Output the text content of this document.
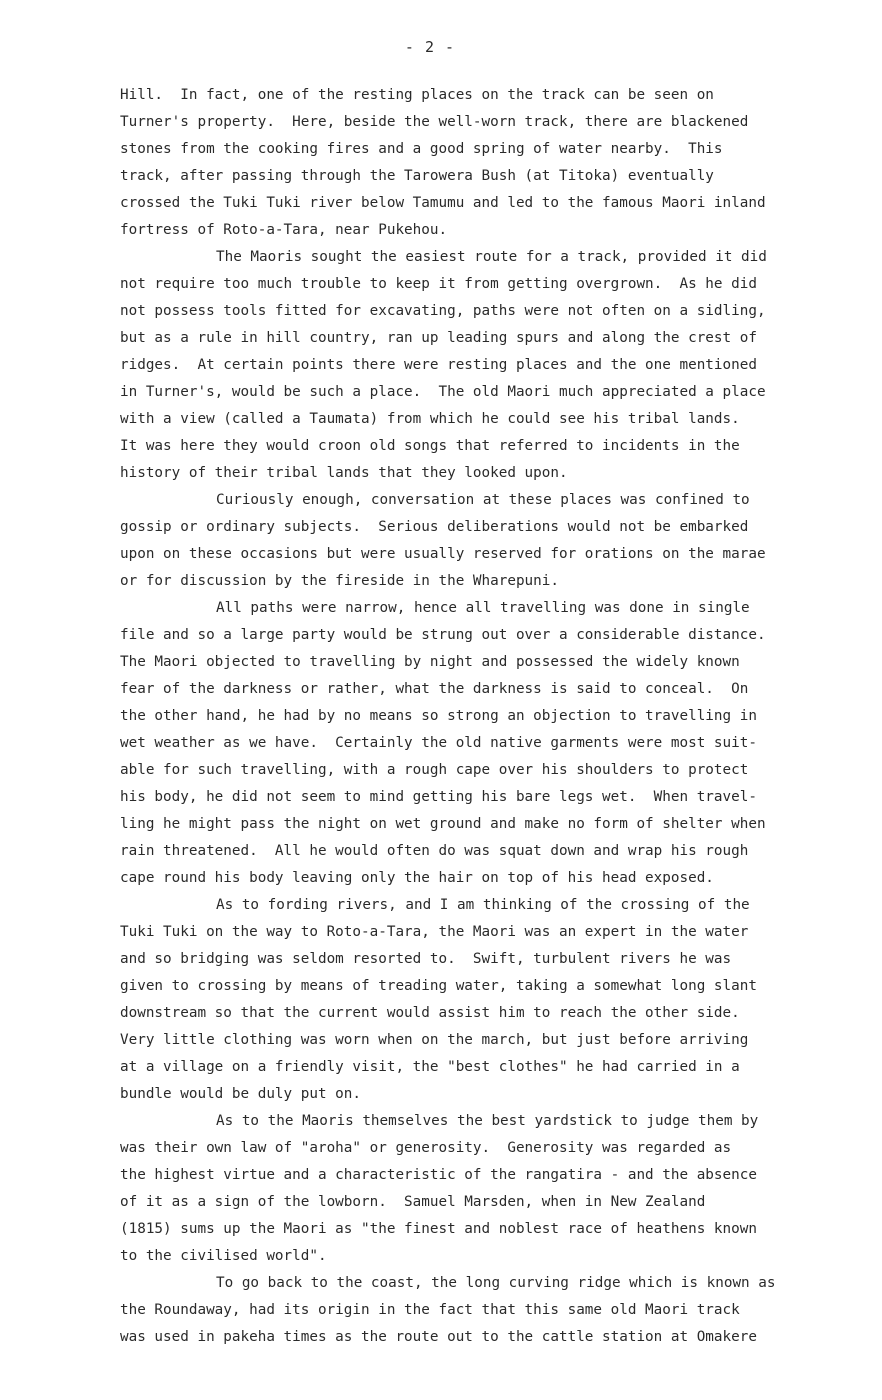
- 2 -
Hill.  In fact, one of the resting places on the track can be seen on
Turner's property.  Here, beside the well-worn track, there are blackened
stones from the cooking fires and a good spring of water nearby.  This
track, after passing through the Tarowera Bush (at Titoka) eventually
crossed the Tuki Tuki river below Tamumu and led to the famous Maori inland
fortress of Roto-a-Tara, near Pukehou.
The Maoris sought the easiest route for a track, provided it did
not require too much trouble to keep it from getting overgrown.  As he did
not possess tools fitted for excavating, paths were not often on a sidling,
but as a rule in hill country, ran up leading spurs and along the crest of
ridges.  At certain points there were resting places and the one mentioned
in Turner's, would be such a place.  The old Maori much appreciated a place
with a view (called a Taumata) from which he could see his tribal lands.
It was here they would croon old songs that referred to incidents in the
history of their tribal lands that they looked upon.
Curiously enough, conversation at these places was confined to
gossip or ordinary subjects.  Serious deliberations would not be embarked
upon on these occasions but were usually reserved for orations on the marae
or for discussion by the fireside in the Wharepuni.
All paths were narrow, hence all travelling was done in single
file and so a large party would be strung out over a considerable distance.
The Maori objected to travelling by night and possessed the widely known
fear of the darkness or rather, what the darkness is said to conceal.  On
the other hand, he had by no means so strong an objection to travelling in
wet weather as we have.  Certainly the old native garments were most suit-
able for such travelling, with a rough cape over his shoulders to protect
his body, he did not seem to mind getting his bare legs wet.  When travel-
ling he might pass the night on wet ground and make no form of shelter when
rain threatened.  All he would often do was squat down and wrap his rough
cape round his body leaving only the hair on top of his head exposed.
As to fording rivers, and I am thinking of the crossing of the
Tuki Tuki on the way to Roto-a-Tara, the Maori was an expert in the water
and so bridging was seldom resorted to.  Swift, turbulent rivers he was
given to crossing by means of treading water, taking a somewhat long slant
downstream so that the current would assist him to reach the other side.
Very little clothing was worn when on the march, but just before arriving
at a village on a friendly visit, the "best clothes" he had carried in a
bundle would be duly put on.
As to the Maoris themselves the best yardstick to judge them by
was their own law of "aroha" or generosity.  Generosity was regarded as
the highest virtue and a characteristic of the rangatira - and the absence
of it as a sign of the lowborn.  Samuel Marsden, when in New Zealand
(1815) sums up the Maori as "the finest and noblest race of heathens known
to the civilised world".
To go back to the coast, the long curving ridge which is known as
the Roundaway, had its origin in the fact that this same old Maori track
was used in pakeha times as the route out to the cattle station at Omakere
